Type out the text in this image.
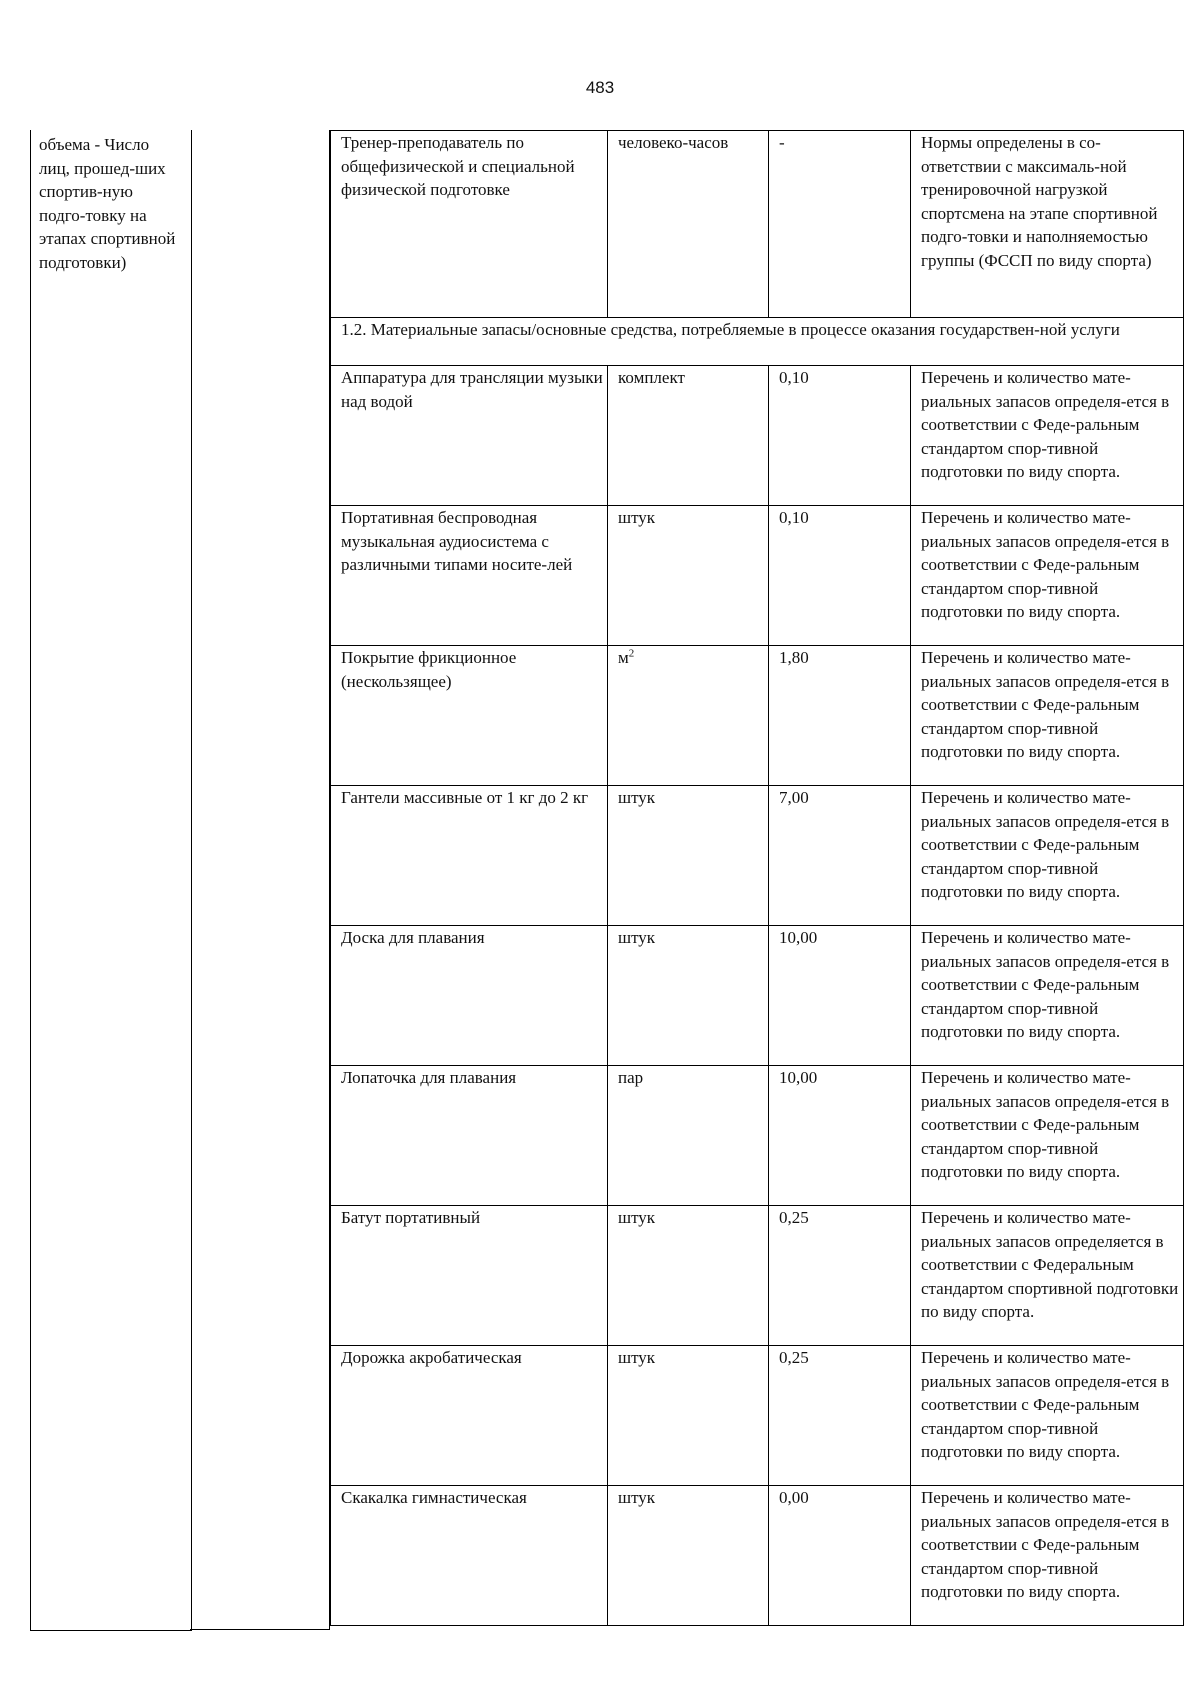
483
объема - Число лиц, прошед-ших спортив-ную подго-товку на этапах спортивной подготовки)
Тренер-преподаватель по общефизической и специальной физической подготовке	человеко-часов	-	Нормы определены в со-ответствии с максималь-ной тренировочной нагрузкой спортсмена на этапе спортивной подго-товки и наполняемостью группы (ФССП по виду спорта)
1.2. Материальные запасы/основные средства, потребляемые в процессе оказания государствен-ной услуги			
Аппаратура для трансляции музыки над водой	комплект	0,10	Перечень и количество мате-риальных запасов определя-ется в соответствии с Феде-ральным стандартом спор-тивной подготовки по виду спорта.
Портативная беспроводная музыкальная аудиосистема с различными типами носите-лей	штук	0,10	Перечень и количество мате-риальных запасов определя-ется в соответствии с Феде-ральным стандартом спор-тивной подготовки по виду спорта.
Покрытие фрикционное (нескользящее)	$м^2$	1,80	Перечень и количество мате-риальных запасов определя-ется в соответствии с Феде-ральным стандартом спор-тивной подготовки по виду спорта.
Гантели массивные от 1 кг до 2 кг	штук	7,00	Перечень и количество мате-риальных запасов определя-ется в соответствии с Феде-ральным стандартом спор-тивной подготовки по виду спорта.
Доска для плавания	штук	10,00	Перечень и количество мате-риальных запасов определя-ется в соответствии с Феде-ральным стандартом спор-тивной подготовки по виду спорта.
Лопаточка для плавания	пар	10,00	Перечень и количество мате-риальных запасов определя-ется в соответствии с Феде-ральным стандартом спор-тивной подготовки по виду спорта.
Батут портативный	штук	0,25	Перечень и количество мате-риальных запасов определяется в соответствии с Федеральным стандартом спортивной подготовки по виду спорта.
Дорожка акробатическая	штук	0,25	Перечень и количество мате-риальных запасов определя-ется в соответствии с Феде-ральным стандартом спор-тивной подготовки по виду спорта.
Скакалка гимнастическая	штук	0,00	Перечень и количество мате-риальных запасов определя-ется в соответствии с Феде-ральным стандартом спор-тивной подготовки по виду спорта.
